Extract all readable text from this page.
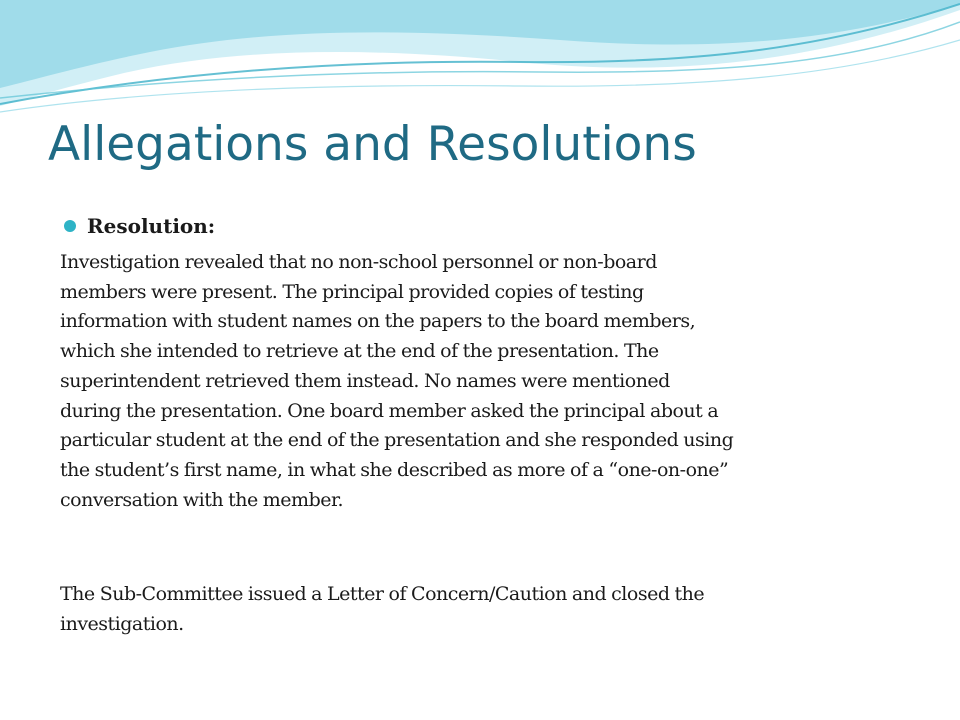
Allegations and Resolutions
Resolution:

Investigation revealed that no non-school personnel or non-board
members were present. The principal provided copies of testing
information with student names on the papers to the board members,
which she intended to retrieve at the end of the presentation. The
superintendent retrieved them instead. No names were mentioned
during the presentation. One board member asked the principal about a
particular student at the end of the presentation and she responded using
the student’s first name, in what she described as more of a “one-on-one”
conversation with the member.

The Sub-Committee issued a Letter of Concern/Caution and closed the
investigation.
